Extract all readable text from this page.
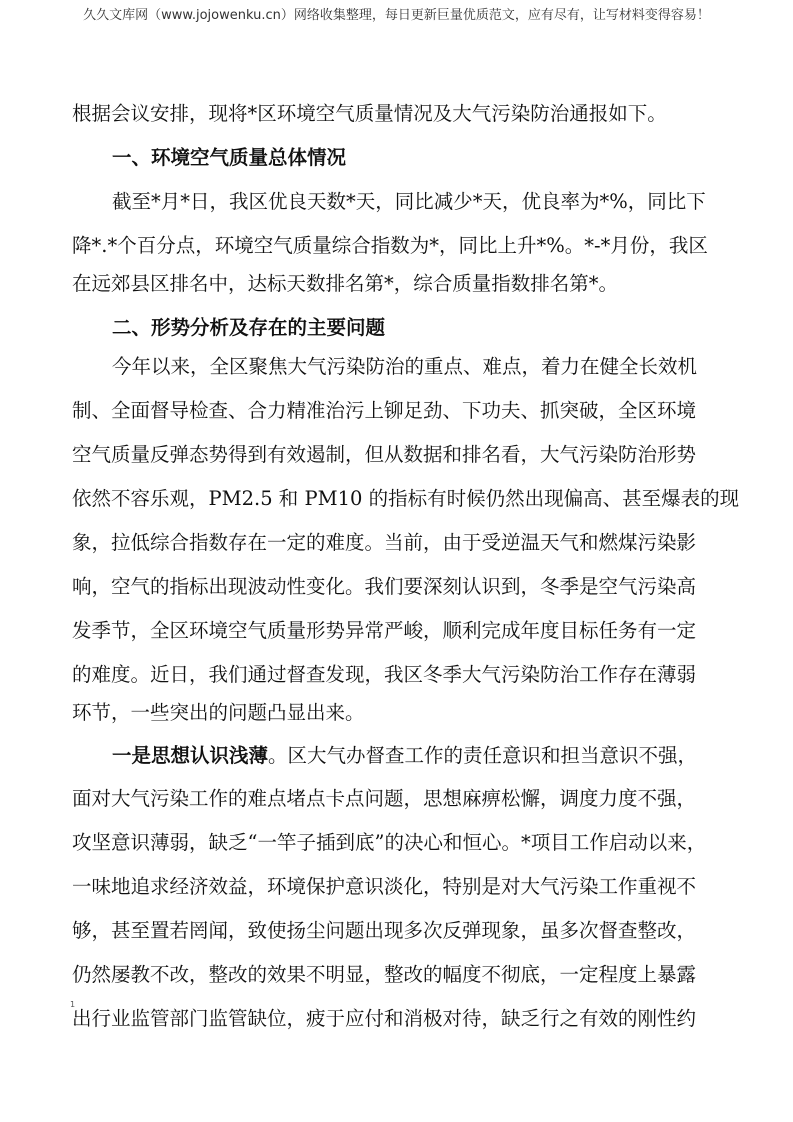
久久文库网（www.jojowenku.cn）网络收集整理，每日更新巨量优质范文，应有尽有，让写材料变得容易！
根据会议安排，现将*区环境空气质量情况及大气污染防治通报如下。
一、环境空气质量总体情况
截至*月*日，我区优良天数*天，同比减少*天，优良率为*%，同比下
降*.*个百分点，环境空气质量综合指数为*，同比上升*%。*-*月份，我区
在远郊县区排名中，达标天数排名第*，综合质量指数排名第*。
二、形势分析及存在的主要问题
今年以来，全区聚焦大气污染防治的重点、难点，着力在健全长效机
制、全面督导检查、合力精准治污上铆足劲、下功夫、抓突破，全区环境
空气质量反弹态势得到有效遏制，但从数据和排名看，大气污染防治形势
依然不容乐观，PM2.5 和 PM10 的指标有时候仍然出现偏高、甚至爆表的现
象，拉低综合指数存在一定的难度。当前，由于受逆温天气和燃煤污染影
响，空气的指标出现波动性变化。我们要深刻认识到，冬季是空气污染高
发季节，全区环境空气质量形势异常严峻，顺利完成年度目标任务有一定
的难度。近日，我们通过督查发现，我区冬季大气污染防治工作存在薄弱
环节，一些突出的问题凸显出来。
一是思想认识浅薄。区大气办督查工作的责任意识和担当意识不强，
面对大气污染工作的难点堵点卡点问题，思想麻痹松懈，调度力度不强，
攻坚意识薄弱，缺乏“一竿子插到底”的决心和恒心。*项目工作启动以来，
一味地追求经济效益，环境保护意识淡化，特别是对大气污染工作重视不
够，甚至置若罔闻，致使扬尘问题出现多次反弹现象，虽多次督查整改，
仍然屡教不改，整改的效果不明显，整改的幅度不彻底，一定程度上暴露
出行业监管部门监管缺位，疲于应付和消极对待，缺乏行之有效的刚性约
1
